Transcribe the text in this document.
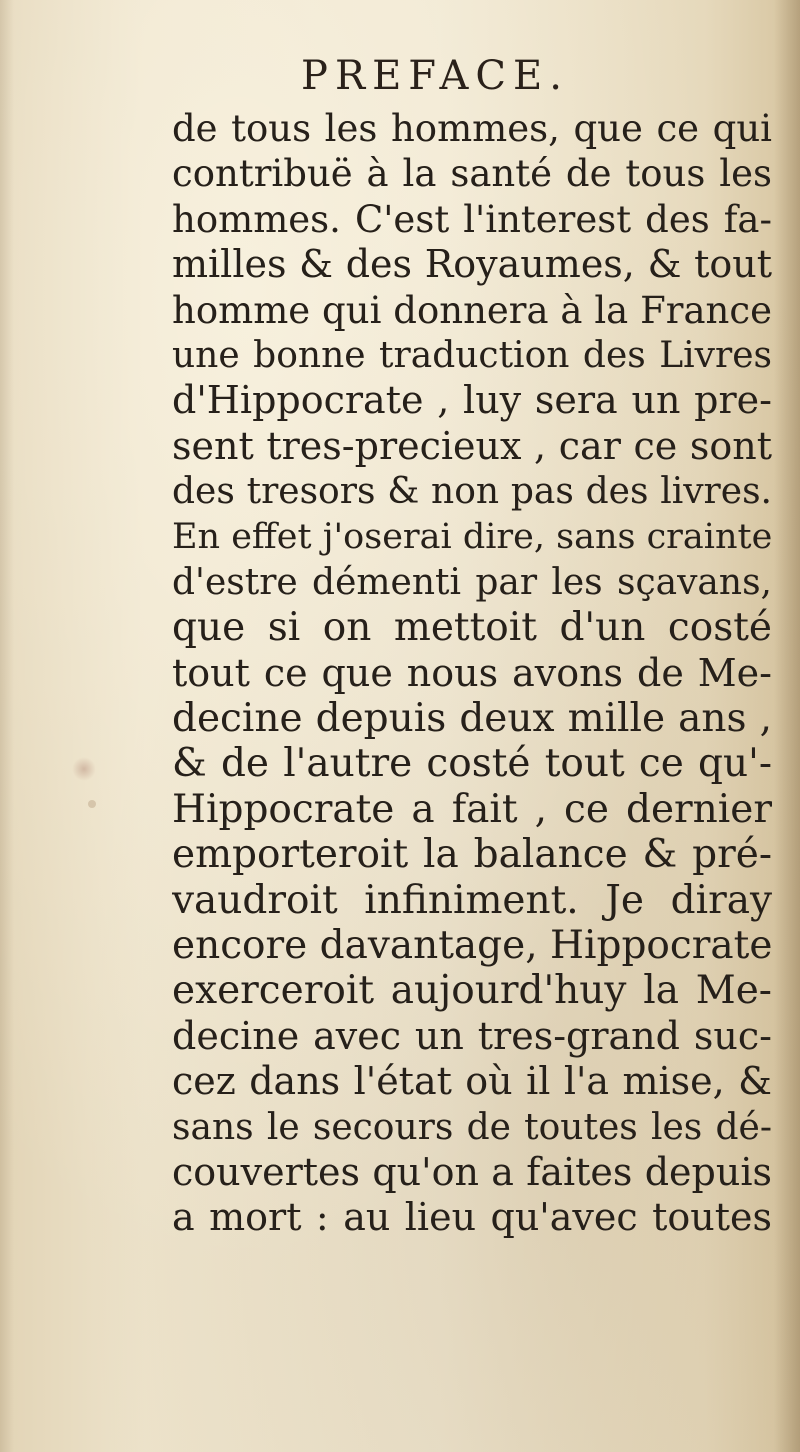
PREFACE.
de tous les hommes, que ce qui
contribuë à la santé de tous les
hommes. C'est l'interest des fa-
milles & des Royaumes, & tout
homme qui donnera à la France
une bonne traduction des Livres
d'Hippocrate , luy sera un pre-
sent tres-precieux , car ce sont
des tresors & non pas des livres.
En effet j'oserai dire, sans crainte
d'estre démenti par les sçavans,
que si on mettoit d'un costé
tout ce que nous avons de Me-
decine depuis deux mille ans ,
& de l'autre costé tout ce qu'-
Hippocrate a fait , ce dernier
emporteroit la balance & pré-
vaudroit infiniment. Je diray
encore davantage, Hippocrate
exerceroit aujourd'huy la Me-
decine avec un tres-grand suc-
cez dans l'état où il l'a mise, &
sans le secours de toutes les dé-
couvertes qu'on a faites depuis
a mort : au lieu qu'avec toutes
